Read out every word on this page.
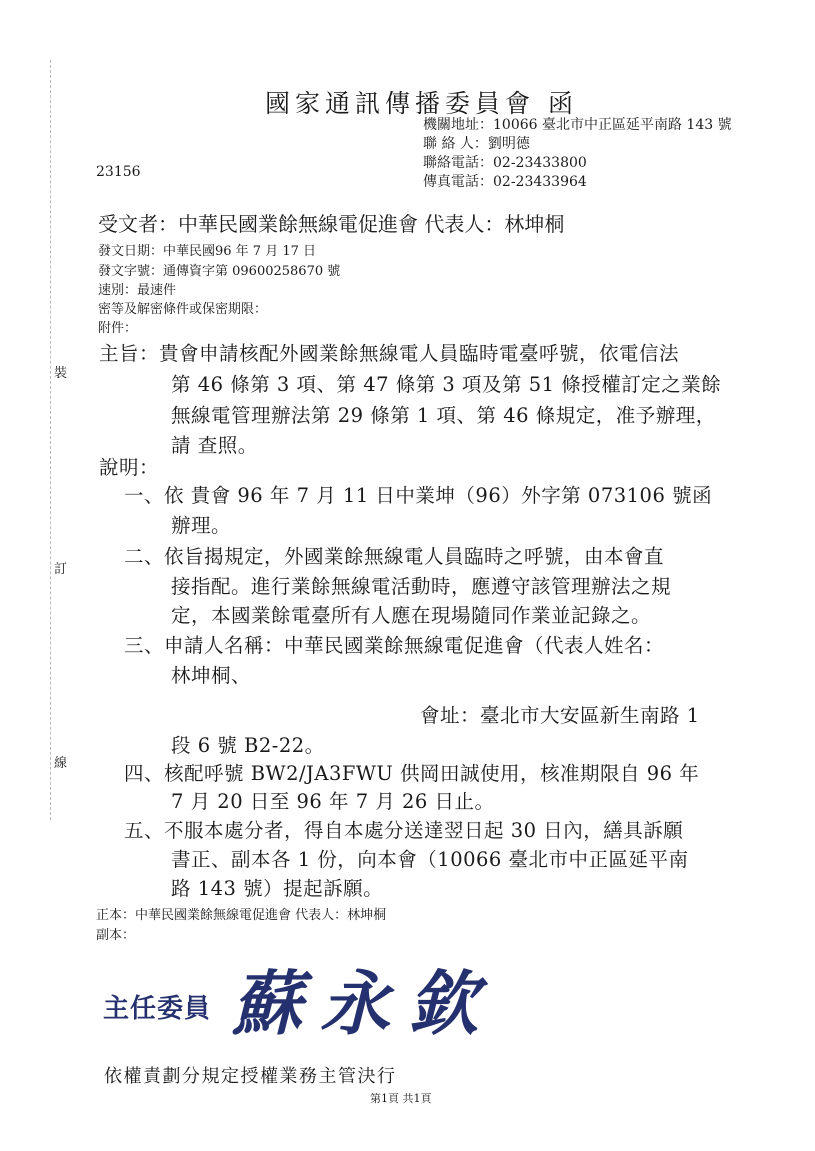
國家通訊傳播委員會 函
機關地址：10066 臺北市中正區延平南路 143 號
聯 絡 人：劉明德
聯絡電話：02-23433800
傳真電話：02-23433964
23156
受文者：中華民國業餘無線電促進會 代表人：林坤桐
發文日期：中華民國96 年 7 月 17 日
發文字號：通傳資字第 09600258670 號
速別：最速件
密等及解密條件或保密期限：
附件：
裝
訂
線
主旨：貴會申請核配外國業餘無線電人員臨時電臺呼號，依電信法
第 46 條第 3 項、第 47 條第 3 項及第 51 條授權訂定之業餘
無線電管理辦法第 29 條第 1 項、第 46 條規定，准予辦理，
請 查照。
說明：
一、依 貴會 96 年 7 月 11 日中業坤（96）外字第 073106 號函
辦理。
二、依旨揭規定，外國業餘無線電人員臨時之呼號，由本會直
接指配。進行業餘無線電活動時，應遵守該管理辦法之規
定，本國業餘電臺所有人應在現場隨同作業並記錄之。
三、申請人名稱：中華民國業餘無線電促進會（代表人姓名：
林坤桐、
會址：臺北市大安區新生南路 1
段 6 號 B2-22。
四、核配呼號 BW2/JA3FWU 供岡田誠使用，核准期限自 96 年
7 月 20 日至 96 年 7 月 26 日止。
五、不服本處分者，得自本處分送達翌日起 30 日內，繕具訴願
書正、副本各 1 份，向本會（10066 臺北市中正區延平南
路 143 號）提起訴願。
正本：中華民國業餘無線電促進會 代表人：林坤桐
副本：
主任委員 蘇永欽
依權責劃分規定授權業務主管決行
第1頁 共1頁
